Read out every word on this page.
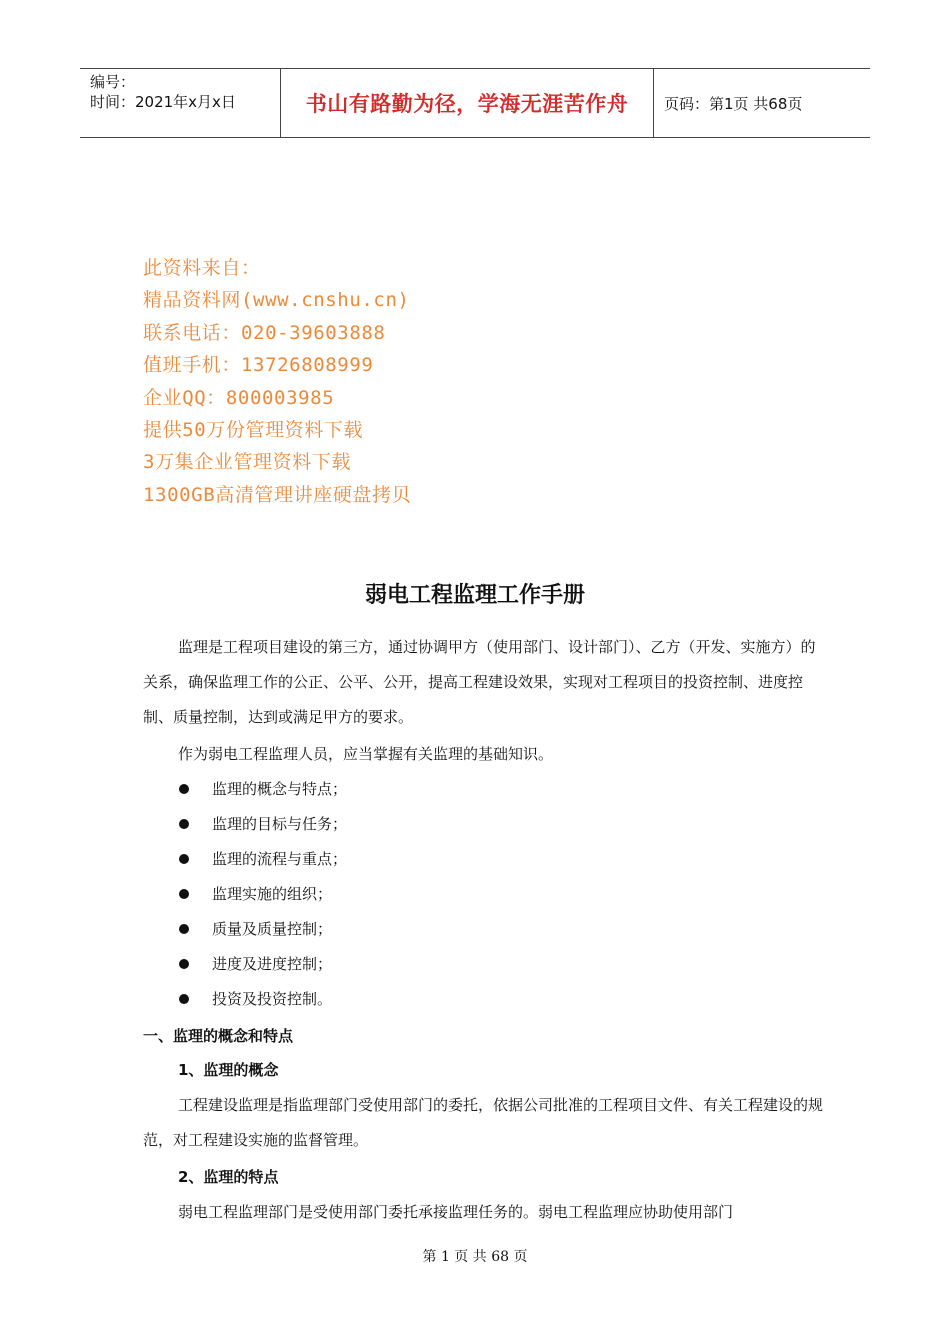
编号：
时间：2021年x月x日	书山有路勤为径，学海无涯苦作舟	页码：第1页 共68页
此资料来自：
精品资料网(www.cnshu.cn)
联系电话：020-39603888
值班手机：13726808999
企业QQ：800003985
提供50万份管理资料下载
3万集企业管理资料下载
1300GB高清管理讲座硬盘拷贝
弱电工程监理工作手册
监理是工程项目建设的第三方，通过协调甲方（使用部门、设计部门）、乙方（开发、实施方）的关系，确保监理工作的公正、公平、公开，提高工程建设效果，实现对工程项目的投资控制、进度控制、质量控制，达到或满足甲方的要求。
作为弱电工程监理人员，应当掌握有关监理的基础知识。
监理的概念与特点；
监理的目标与任务；
监理的流程与重点；
监理实施的组织；
质量及质量控制；
进度及进度控制；
投资及投资控制。
一、监理的概念和特点
1、监理的概念
工程建设监理是指监理部门受使用部门的委托，依据公司批准的工程项目文件、有关工程建设的规范，对工程建设实施的监督管理。
2、监理的特点
弱电工程监理部门是受使用部门委托承接监理任务的。弱电工程监理应协助使用部门
第 1 页 共 68 页
